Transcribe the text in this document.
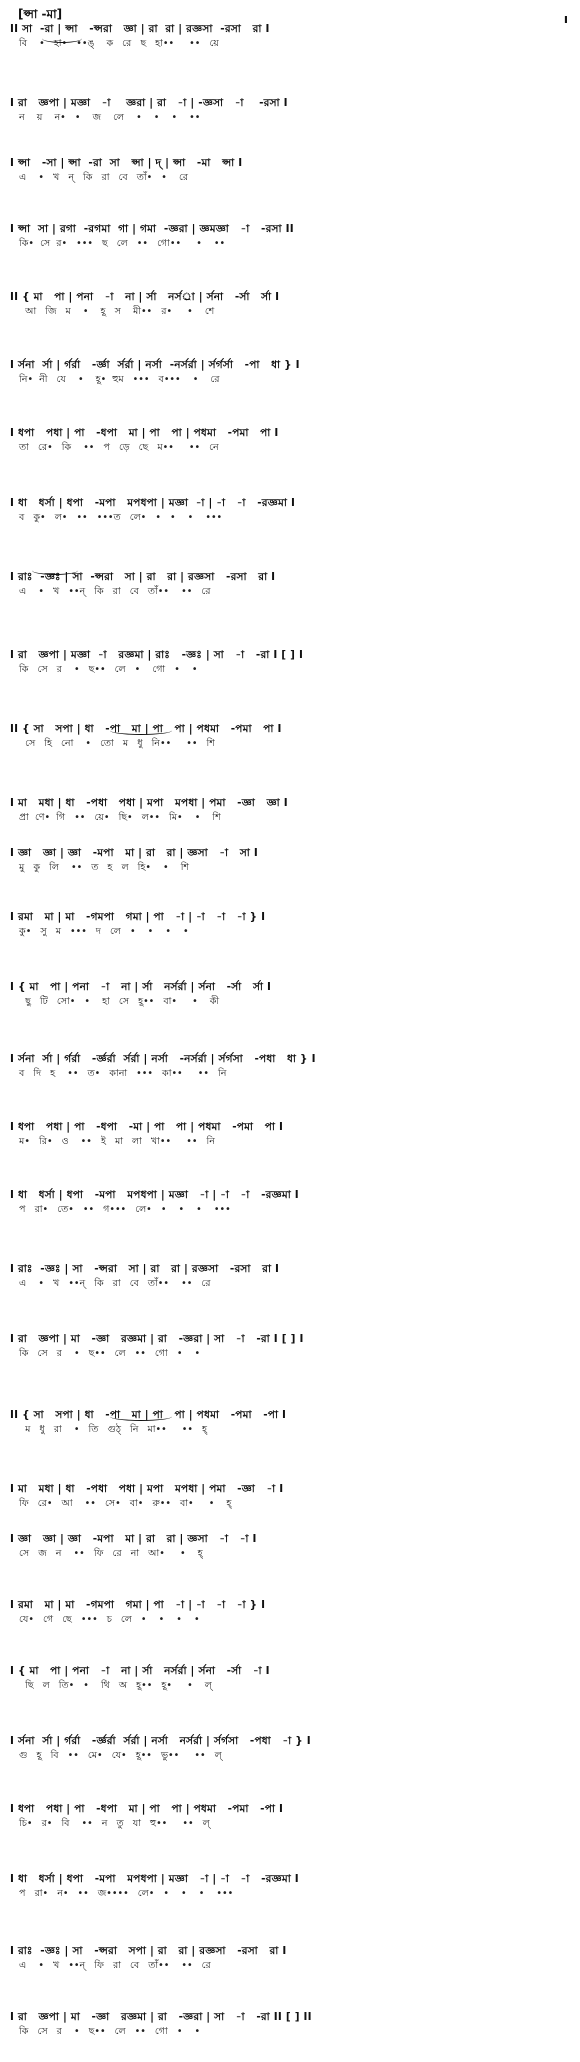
[প্সা -মা]	ı
II সা  -রা | প্সা   -প্সরা   জ্ঞা | রা  রা | রজ্ঞসা  -রসা   রা I
বি    •   হা•   ••ঙ্    ক   রে   ছ   হা••     ••   য়ে
I রা   জ্ঞপা | মজ্ঞা   -া    জ্ঞরা | রা   -া | -জ্ঞসা   -া    -রসা I
ন    য়    ন•   •    জ    লে    •    •    •    ••
I প্সা   -সা | প্সা  -রা  সা   প্সা | দ্ | প্সা   -মা   প্সা I
এ    •   খ   ন্   কি   রা   বে   তাঁ•   •    রে
I প্সা  সা | রগা  -রগমা  গা | গমা  -জ্ঞরা | জ্ঞমজ্ঞা   -া   -রসা II
কি•  সে  র•   •••   ছ   লে   ••   গো••     •    ••
II { মা   পা | পনা   -া   না | র্সা   নর্সর্া | র্সনা   -র্সা   র্সা I
আ   জি   ম    •    হূ   স    মী••   র•     •    শে
I র্সনা  র্সা | র্গর্রা   -র্জ্ঞা  র্সর্রা | নর্সা  -নর্সর্রা | র্সর্গর্সা   -পা   ধা } I
নি•  নী   যে    •    হূ•  হুম   •••   ব•••    •    রে
I ধপা   পধা | পা   -ধপা   মা | পা   পা | পধমা   -পমা   পা I
তা   রে•   কি    ••   প   ড়ে   ছে   ম••     ••   নে
I ধা   ধর্সা | ধপা   -মপা   মপধপা | মজ্ঞা  -া | -া   -া   -রজ্ঞমা I
ব   কু•   ল•   ••   •••ত   লে•   •   •    •    •••
I রাঃ  -জ্ঞঃ | সা  -প্সরা   সা | রা   রা | রজ্ঞসা   -রসা   রা I
এ    •   খ   ••ন্   কি   রা   বে   তাঁ••    ••   রে
I রা   জ্ঞপা | মজ্ঞা  -া   রজ্ঞমা | রাঃ   -জ্ঞঃ | সা   -া   -রা I [ ] I
কি   সে   র    •   ছ••   লে   •    গো   •    •
II { সা   সপা | ধা   -পা   মা | পা   পা | পধমা   -পমা   পা I
সে   হি   নো    •   তো   ম   ধু   নি••     ••   শি
I মা   মধা | ধা   -পধা   পধা | মপা   মপধা | পমা   -জ্ঞা   জ্ঞা I
প্রা  ণে•  গি   ••   য়ে•   ছি•   ল••   মি•    •    শি
I জ্ঞা   জ্ঞা | জ্ঞা   -মপা   মা | রা   রা | জ্ঞসা   -া   সা I
মু   কু   লি    ••   ত   হ   ল   হি•    •    শি
I রমা   মা | মা   -গমপা   গমা | পা   -া | -া   -া   -া } I
কু•   সু   ম   •••   দ   লে   •    •    •    •
I { মা   পা | পনা   -া   না | র্সা   নর্সর্রা | র্সনা   -র্সা   র্সা I
ছু   টি   সো•   •    হা   সে   হূ••   বা•     •    কী
I র্সনা  র্সা | র্গর্রা   -র্জ্ঞর্রা  র্সর্রা | নর্সা   -নর্সর্রা | র্সর্গসা   -পধা   ধা } I
ব   দি   হ    ••   ত•   কানা   •••   কা••     ••   নি
I ধপা   পধা | পা   -ধপা   -মা | পা   পা | পধমা   -পমা   পা I
ম•   রি•   ও    ••   ই   মা   লা   খা••     ••   নি
I ধা   ধর্সা | ধপা   -মপা   মপধপা | মজ্ঞা   -া | -া   -া   -রজ্ঞমা I
প   রা•   তে•   ••   গ•••   লে•   •    •    •    •••
I রাঃ  -জ্ঞঃ | সা   -প্সরা   সা | রা   রা | রজ্ঞসা   -রসা   রা I
এ    •   খ   ••ন্   কি   রা   বে   তাঁ••    ••   রে
I রা   জ্ঞপা | মা   -জ্ঞা   রজ্ঞমা | রা   -জ্ঞরা | সা   -া   -রা I [ ] I
কি   সে   র    •   ছ••   লে   ••   গো   •    •
II { সা   সপা | ধা   -পা   মা | পা   পা | পধমা   -পমা   -পা I
ম   ধু   রা    •   তি   গুঠ্   নি   মা••     ••   হ্
I মা   মধা | ধা   -পধা   পধা | মপা   মপধা | পমা   -জ্ঞা   -া I
ফি   রে•   আ    ••   সে•   বা•   রু••   বা•     •    হ্
I জ্ঞা   জ্ঞা | জ্ঞা   -মপা   মা | রা   রা | জ্ঞসা   -া   -া I
সে   জ   ন    ••   ফি   রে   না   আ•     •    হ্
I রমা   মা | মা   -গমপা   গমা | পা   -া | -া   -া   -া } I
যে•   গে   ছে   •••   চ   লে   •    •    •    •
I { মা   পা | পনা   -া   না | র্সা   নর্সর্রা | র্সনা   -র্সা   -া I
ছি   ল   তি•   •    থি   অ   হূ••   হূ•     •    ল্
I র্সনা  র্সা | র্গর্রা   -র্জ্ঞর্রা  র্সর্রা | নর্সা   নর্সর্রা | র্সর্গসা   -পধা   -া } I
গু   হূ   বি   ••   মে•   যে•   হূ••   ভু••     ••   ল্
I ধপা   পধা | পা   -ধপা   মা | পা   পা | পধমা   -পমা   -পা I
চি•   র•   বি    ••   ন   তু   যা   হু••     ••   ল্
I ধা   ধর্সা | ধপা   -মপা   মপধপা | মজ্ঞা   -া | -া   -া   -রজ্ঞমা I
প   রা•   ন•   ••   জ••••   লে•   •    •    •    •••
I রাঃ  -জ্ঞঃ | সা   -প্সরা   সপা | রা   রা | রজ্ঞসা   -রসা   রা I
এ    •   খ   ••ন্   ফি   রা   বে   তাঁ••    ••   রে
I রা   জ্ঞপা | মা   -জ্ঞা   রজ্ঞমা | রা   -জ্ঞরা | সা   -া   -রা II [ ] II
কি   সে   র    •   ছ••   লে   ••   গো   •    •
